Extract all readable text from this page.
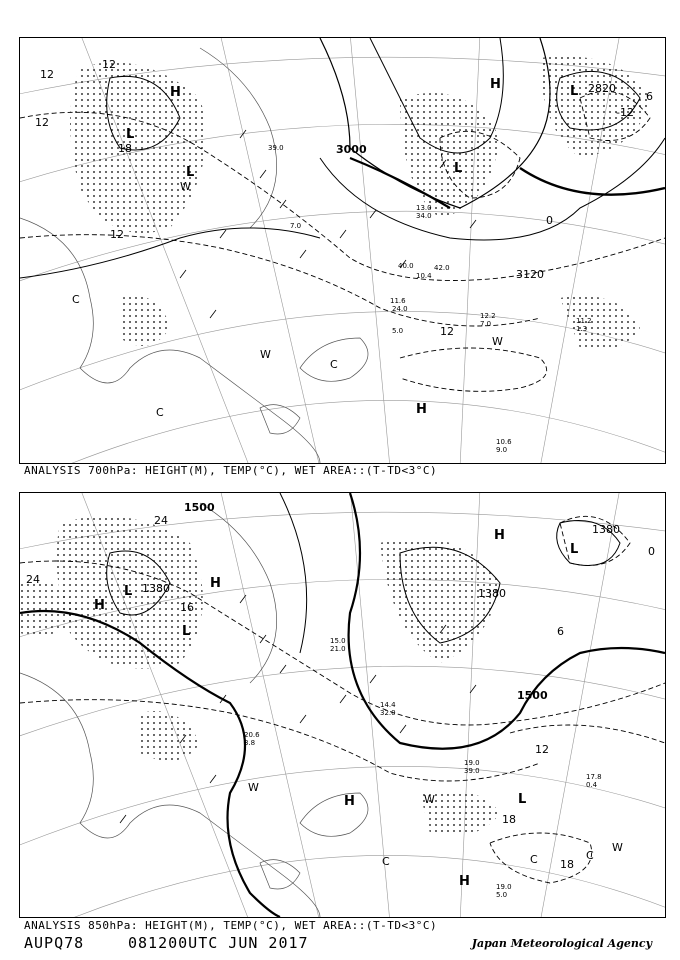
11.6
39.0
7.0
40.0
12.2
7.0
10.6
9.0
11.2
1.3
24.0
5.0
10.4
42.0
13.0
34.0
3000
3120
12
12
12
12
12
18
0
6
-12
2820
H
H
H
L
L	L
L
W
W
W
C
C
C
ANALYSIS 700hPa: HEIGHT(M), TEMP(°C), WET AREA::(T-TD<3°C)
19.0
39.0
19.0
5.0
17.8
0.4
14.4
32.0
20.6
3.8
15.0
21.0
1500
1500
1380	1380
1380
24
24
18
18
12
6
0
16
H
H
H
H
H
L
L
L
L
W
W
W
C	C	C
ANALYSIS 850hPa: HEIGHT(M), TEMP(°C), WET AREA::(T-TD<3°C)
AUPQ78	081200UTC JUN 2017	Japan Meteorological Agency
